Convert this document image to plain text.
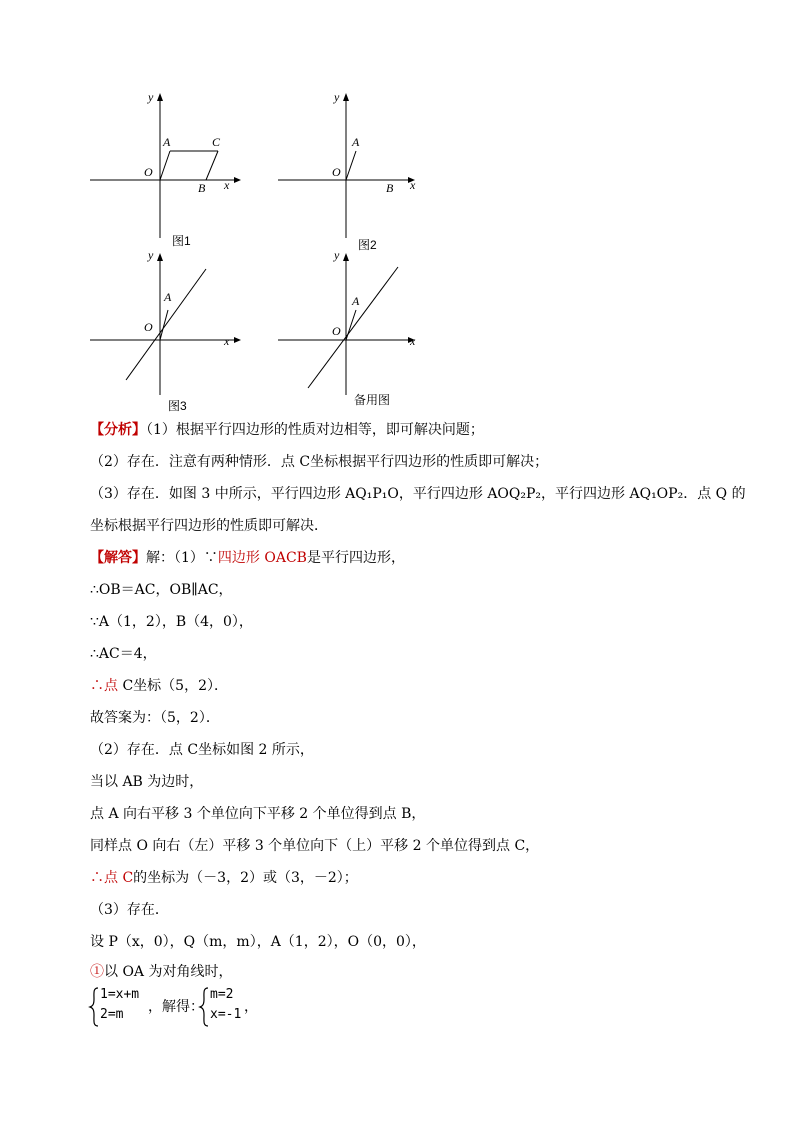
y
x
O
A	C
B
图1
y
x
O
A
B
图2
y
x
O
A
图3
y
x
O
A
备用图
【分析】（1）根据平行四边形的性质对边相等，即可解决问题；
（2）存在．注意有两种情形．点 C坐标根据平行四边形的性质即可解决；
（3）存在．如图 3 中所示，平行四边形 AQ₁P₁O，平行四边形 AOQ₂P₂，平行四边形 AQ₁OP₂．点 Q 的
坐标根据平行四边形的性质即可解决．
【解答】解：（1）∵四边形 OACB是平行四边形，
∴OB＝AC，OB∥AC，
∵A（1，2），B（4，0），
∴AC＝4，
∴点 C坐标（5，2）．
故答案为：（5，2）．
（2）存在．点 C坐标如图 2 所示，
当以 AB 为边时，
点 A 向右平移 3 个单位向下平移 2 个单位得到点 B，
同样点 O 向右（左）平移 3 个单位向下（上）平移 2 个单位得到点 C，
∴点 C的坐标为（－3，2）或（3，－2）；
（3）存在．
设 P（x，0），Q（m，m），A（1，2），O（0，0），
①以 OA 为对角线时，
1=x+m
2=m ，解得：
m=2
x=-1 ，
